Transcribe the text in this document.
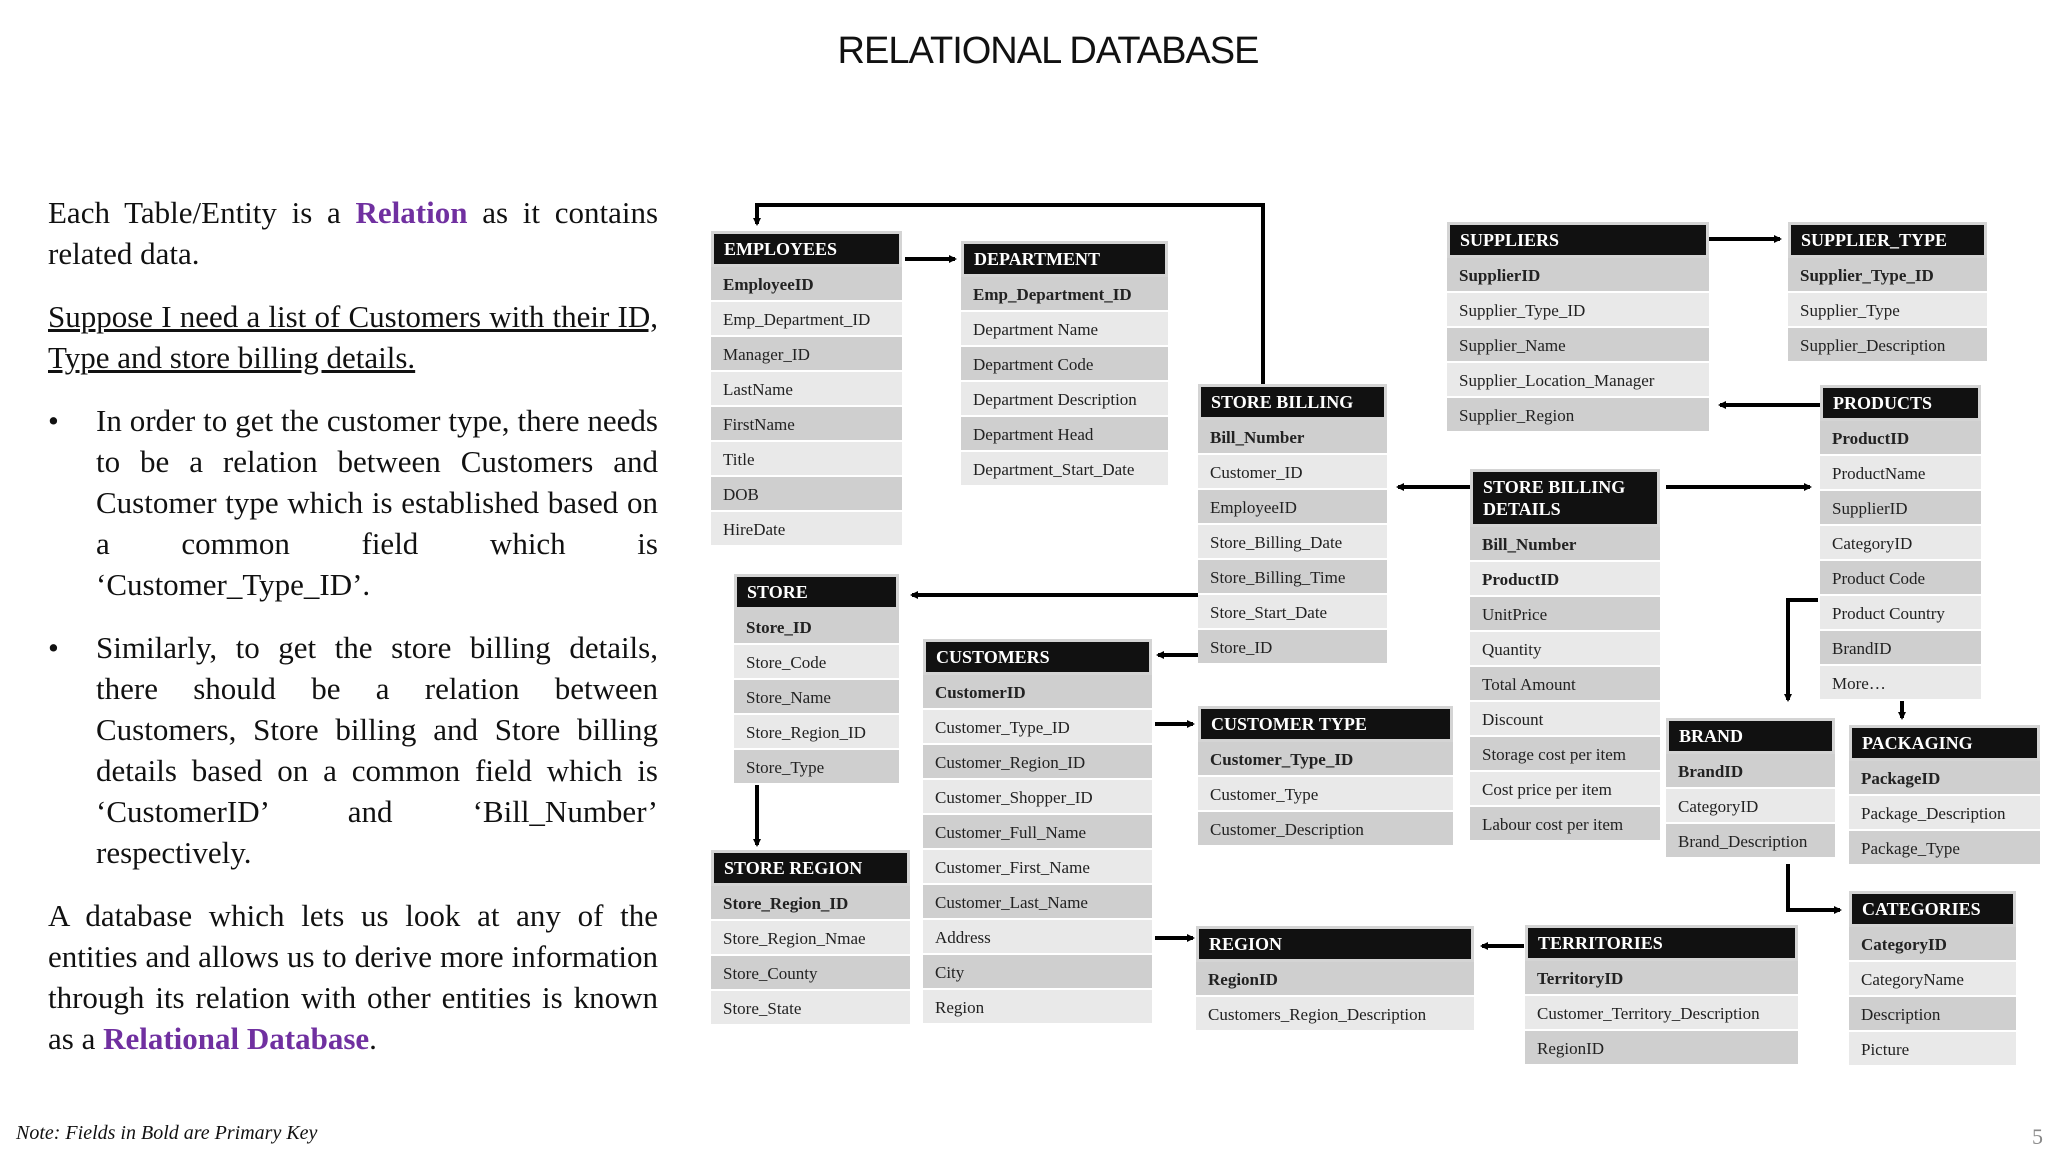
RELATIONAL DATABASE

Each Table/Entity is a Relation as it contains related data.

Suppose I need a list of Customers with their ID, Type and store billing details.

• In order to get the customer type, there needs to be a relation between Customers and Customer type which is established based on a common field which is ‘Customer_Type_ID’.
• Similarly, to get the store billing details, there should be a relation between Customers, Store billing and Store billing details based on a common field which is ‘CustomerID’ and ‘Bill_Number’ respectively.

A database which lets us look at any of the entities and allows us to derive more information through its relation with other entities is known as a Relational Database.

EMPLOYEES
EmployeeID
Emp_Department_ID
Manager_ID
LastName
FirstName
Title
DOB
HireDate
DEPARTMENT
Emp_Department_ID
Department Name
Department Code
Department Description
Department Head
Department_Start_Date
STORE BILLING
Bill_Number
Customer_ID
EmployeeID
Store_Billing_Date
Store_Billing_Time
Store_Start_Date
Store_ID
SUPPLIERS
SupplierID
Supplier_Type_ID
Supplier_Name
Supplier_Location_Manager
Supplier_Region
SUPPLIER_TYPE
Supplier_Type_ID
Supplier_Type
Supplier_Description
PRODUCTS
ProductID
ProductName
SupplierID
CategoryID
Product Code
Product Country
BrandID
More…
STORE BILLING
DETAILS
Bill_Number
ProductID
UnitPrice
Quantity
Total Amount
Discount
Storage cost per item
Cost price per item
Labour cost per item
STORE
Store_ID
Store_Code
Store_Name
Store_Region_ID
Store_Type
CUSTOMERS
CustomerID
Customer_Type_ID
Customer_Region_ID
Customer_Shopper_ID
Customer_Full_Name
Customer_First_Name
Customer_Last_Name
Address
City
Region
CUSTOMER TYPE
Customer_Type_ID
Customer_Type
Customer_Description
BRAND
BrandID
CategoryID
Brand_Description
PACKAGING
PackageID
Package_Description
Package_Type
STORE REGION
Store_Region_ID
Store_Region_Nmae
Store_County
Store_State
REGION
RegionID
Customers_Region_Description
TERRITORIES
TerritoryID
Customer_Territory_Description
RegionID
CATEGORIES
CategoryID
CategoryName
Description
Picture
Note: Fields in Bold are Primary Key	5
